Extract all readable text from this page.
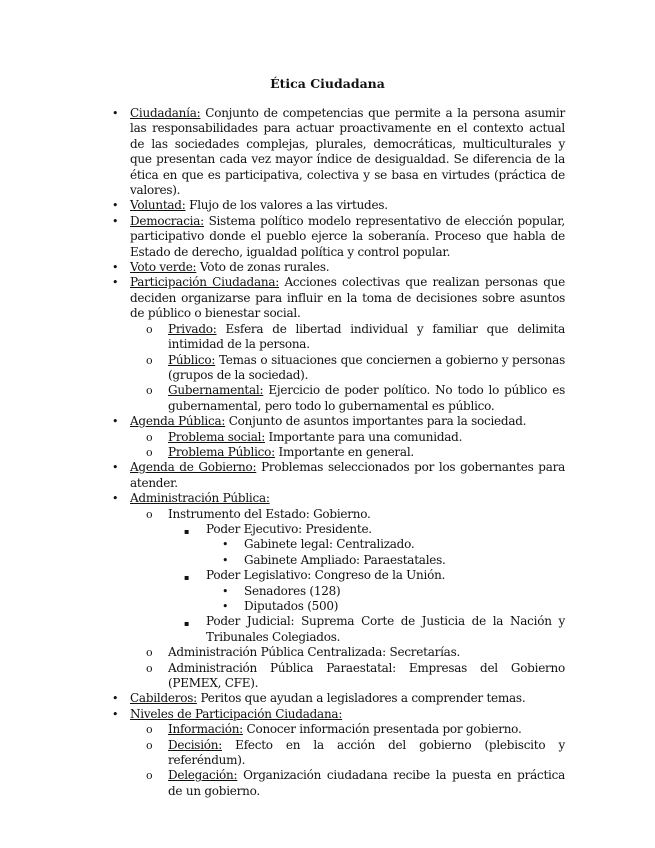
Ética Ciudadana
• Ciudadanía: Conjunto de competencias que permite a la persona asumir las responsabilidades para actuar proactivamente en el contexto actual de las sociedades complejas, plurales, democráticas, multiculturales y que presentan cada vez mayor índice de desigualdad. Se diferencia de la ética en que es participativa, colectiva y se basa en virtudes (práctica de valores).
• Voluntad: Flujo de los valores a las virtudes.
• Democracia: Sistema político modelo representativo de elección popular, participativo donde el pueblo ejerce la soberanía. Proceso que habla de Estado de derecho, igualdad política y control popular.
• Voto verde: Voto de zonas rurales.
• Participación Ciudadana: Acciones colectivas que realizan personas que deciden organizarse para influir en la toma de decisiones sobre asuntos de público o bienestar social.
o Privado: Esfera de libertad individual y familiar que delimita intimidad de la persona.
o Público: Temas o situaciones que conciernen a gobierno y personas (grupos de la sociedad).
o Gubernamental: Ejercicio de poder político. No todo lo público es gubernamental, pero todo lo gubernamental es público.
• Agenda Pública: Conjunto de asuntos importantes para la sociedad.
o Problema social: Importante para una comunidad.
o Problema Público: Importante en general.
• Agenda de Gobierno: Problemas seleccionados por los gobernantes para atender.
• Administración Pública:
o Instrumento del Estado: Gobierno.
▪ Poder Ejecutivo: Presidente.
• Gabinete legal: Centralizado.
• Gabinete Ampliado: Paraestatales.
▪ Poder Legislativo: Congreso de la Unión.
• Senadores (128)
• Diputados (500)
▪ Poder Judicial: Suprema Corte de Justicia de la Nación y Tribunales Colegiados.
o Administración Pública Centralizada: Secretarías.
o Administración Pública Paraestatal: Empresas del Gobierno (PEMEX, CFE).
• Cabilderos: Peritos que ayudan a legisladores a comprender temas.
• Niveles de Participación Ciudadana:
o Información: Conocer información presentada por gobierno.
o Decisión: Efecto en la acción del gobierno (plebiscito y referéndum).
o Delegación: Organización ciudadana recibe la puesta en práctica de un gobierno.
